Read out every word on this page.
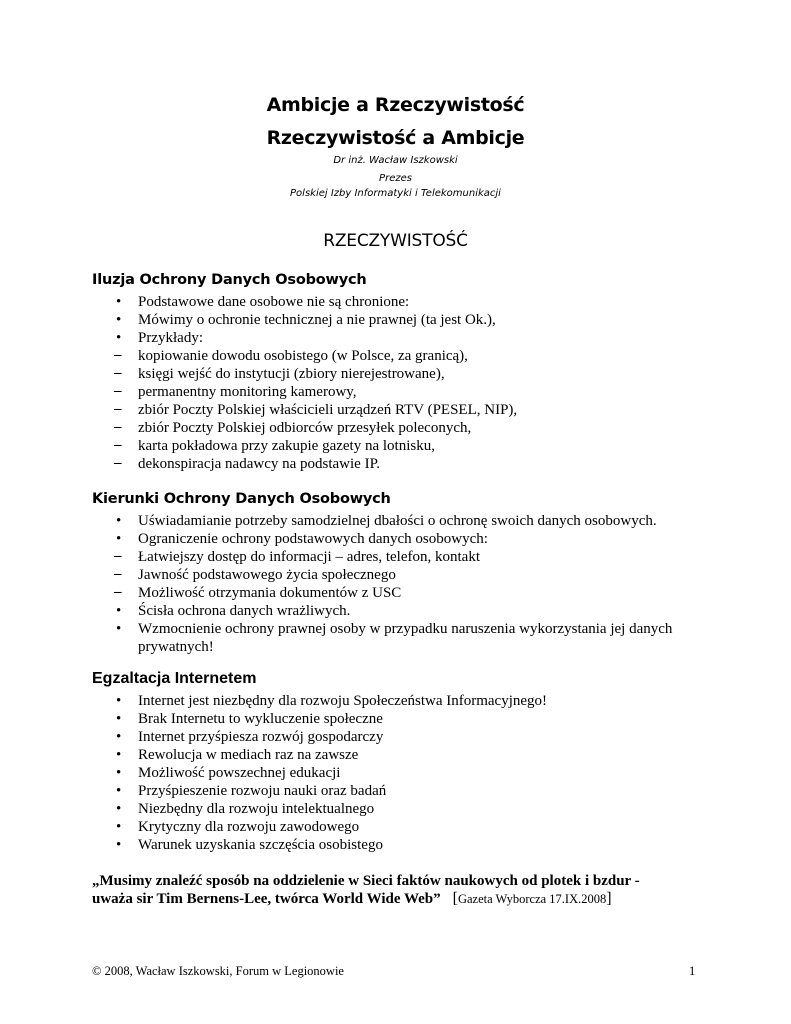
Ambicje a Rzeczywistość
Rzeczywistość a Ambicje
Dr inż. Wacław Iszkowski
Prezes
Polskiej Izby Informatyki i Telekomunikacji
RZECZYWISTOŚĆ
Iluzja Ochrony Danych Osobowych
• Podstawowe dane osobowe nie są chronione:
• Mówimy o ochronie technicznej a nie prawnej (ta jest Ok.),
• Przykłady:
– kopiowanie dowodu osobistego (w Polsce, za granicą),
– księgi wejść do instytucji (zbiory nierejestrowane),
– permanentny monitoring kamerowy,
– zbiór Poczty Polskiej właścicieli urządzeń RTV (PESEL, NIP),
– zbiór Poczty Polskiej odbiorców przesyłek poleconych,
– karta pokładowa przy zakupie gazety na lotnisku,
– dekonspiracja nadawcy na podstawie IP.
Kierunki Ochrony Danych Osobowych
• Uświadamianie potrzeby samodzielnej dbałości o ochronę swoich danych osobowych.
• Ograniczenie ochrony podstawowych danych osobowych:
– Łatwiejszy dostęp do informacji – adres, telefon, kontakt
– Jawność podstawowego życia społecznego
– Możliwość otrzymania dokumentów z USC
• Ścisła ochrona danych wrażliwych.
• Wzmocnienie ochrony prawnej osoby w przypadku naruszenia wykorzystania jej danych prywatnych!
Egzaltacja Internetem
• Internet jest niezbędny dla rozwoju Społeczeństwa Informacyjnego!
• Brak Internetu to wykluczenie społeczne
• Internet przyśpiesza rozwój gospodarczy
• Rewolucja w mediach raz na zawsze
• Możliwość powszechnej edukacji
• Przyśpieszenie rozwoju nauki oraz badań
• Niezbędny dla rozwoju intelektualnego
• Krytyczny dla rozwoju zawodowego
• Warunek uzyskania szczęścia osobistego
„Musimy znaleźć sposób na oddzielenie w Sieci faktów naukowych od plotek i bzdur -
uważa sir Tim Bernens-Lee, twórca World Wide Web” [Gazeta Wyborcza 17.IX.2008]
© 2008, Wacław Iszkowski, Forum w Legionowie	1
